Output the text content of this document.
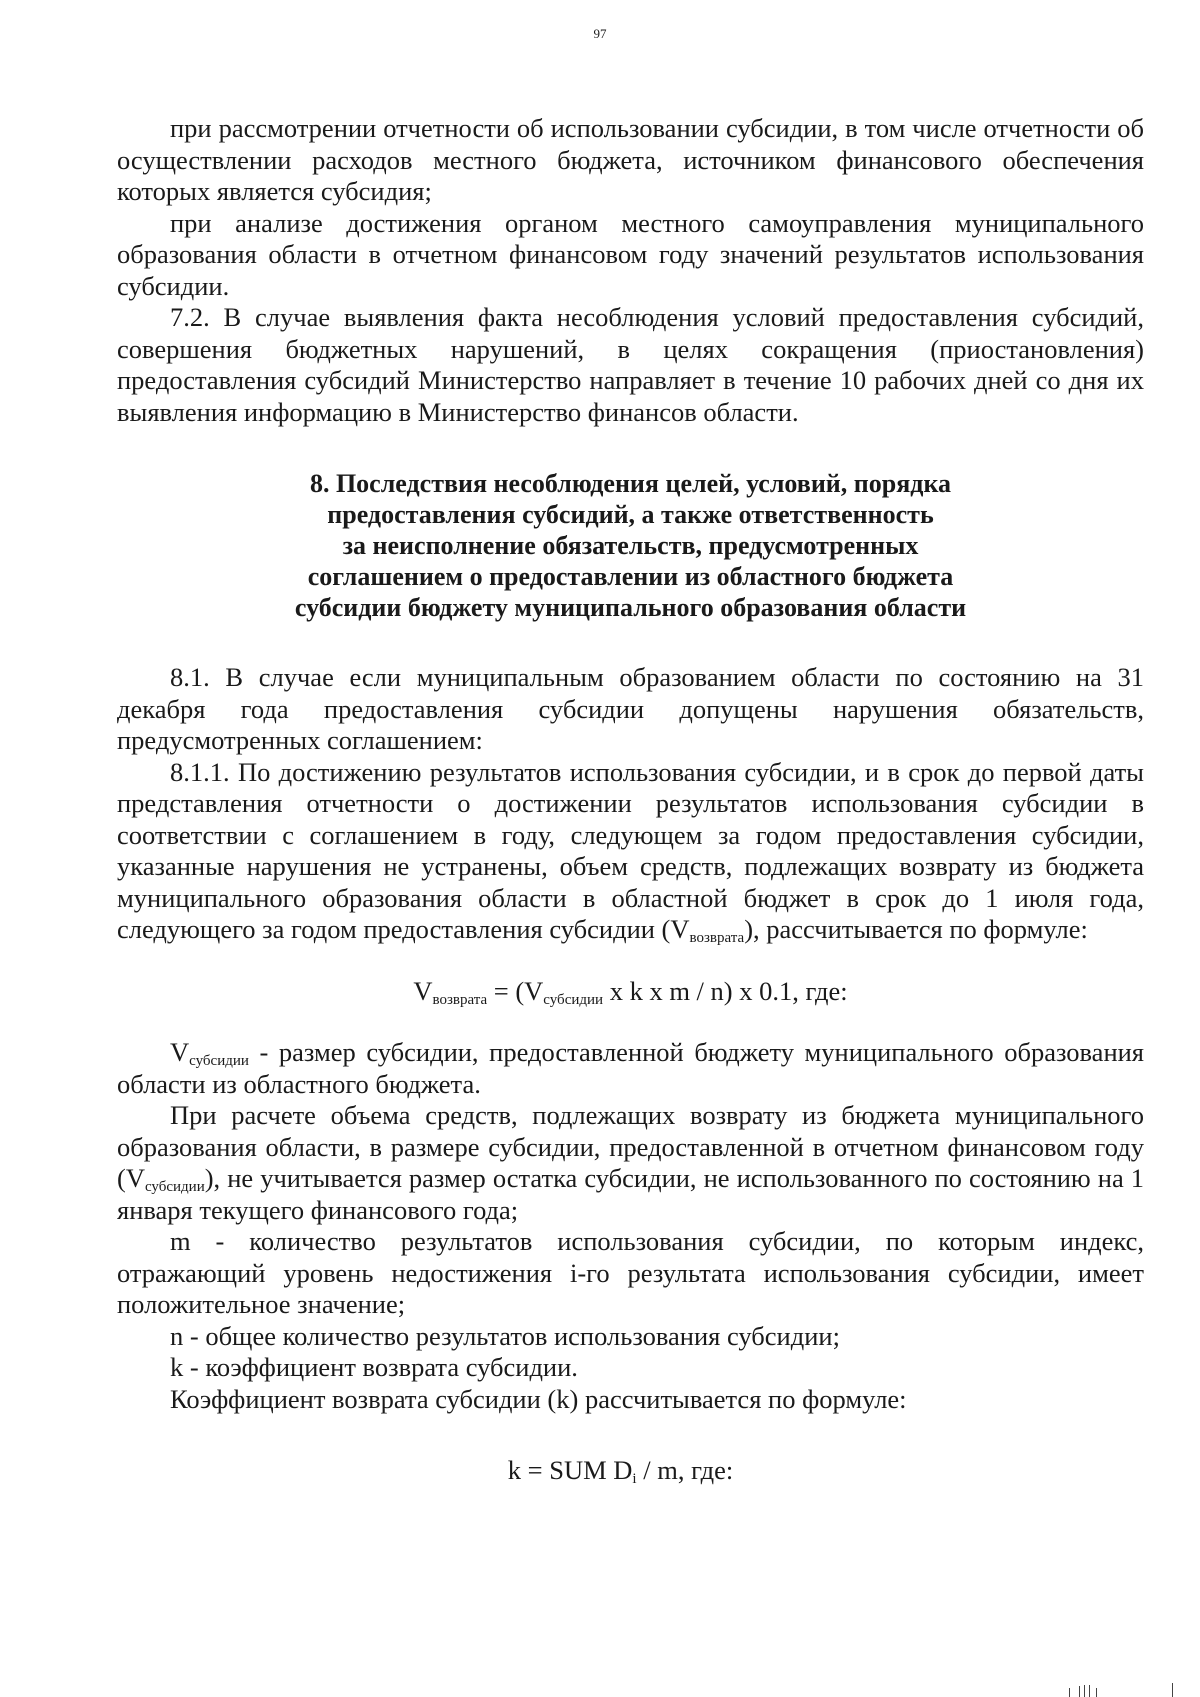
97

при рассмотрении отчетности об использовании субсидии, в том числе отчетности об осуществлении расходов местного бюджета, источником финансового обеспечения которых является субсидия;

при анализе достижения органом местного самоуправления муниципального образования области в отчетном финансовом году значений результатов использования субсидии.

7.2. В случае выявления факта несоблюдения условий предоставления субсидий, совершения бюджетных нарушений, в целях сокращения (приостановления) предоставления субсидий Министерство направляет в течение 10 рабочих дней со дня их выявления информацию в Министерство финансов области.

8. Последствия несоблюдения целей, условий, порядка
предоставления субсидий, а также ответственность
за неисполнение обязательств, предусмотренных
соглашением о предоставлении из областного бюджета
субсидии бюджету муниципального образования области

8.1. В случае если муниципальным образованием области по состоянию на 31 декабря года предоставления субсидии допущены нарушения обязательств, предусмотренных соглашением:

8.1.1. По достижению результатов использования субсидии, и в срок до первой даты представления отчетности о достижении результатов использования субсидии в соответствии с соглашением в году, следующем за годом предоставления субсидии, указанные нарушения не устранены, объем средств, подлежащих возврату из бюджета муниципального образования области в областной бюджет в срок до 1 июля года, следующего за годом предоставления субсидии $(V_{возврата})$, рассчитывается по формуле:

$V_{возврата} = (V_{субсидии}$ x k x m / n) x 0.1, где:

$V_{субсидии}$ - размер субсидии, предоставленной бюджету муниципального образования области из областного бюджета.

При расчете объема средств, подлежащих возврату из бюджета муниципального образования области, в размере субсидии, предоставленной в отчетном финансовом году $(V_{субсидии})$, не учитывается размер остатка субсидии, не использованного по состоянию на 1 января текущего финансового года;

m - количество результатов использования субсидии, по которым индекс, отражающий уровень недостижения i-го результата использования субсидии, имеет положительное значение;

n - общее количество результатов использования субсидии;

k - коэффициент возврата субсидии.

Коэффициент возврата субсидии (k) рассчитывается по формуле:

k = SUM $D_i$ / m, где:
